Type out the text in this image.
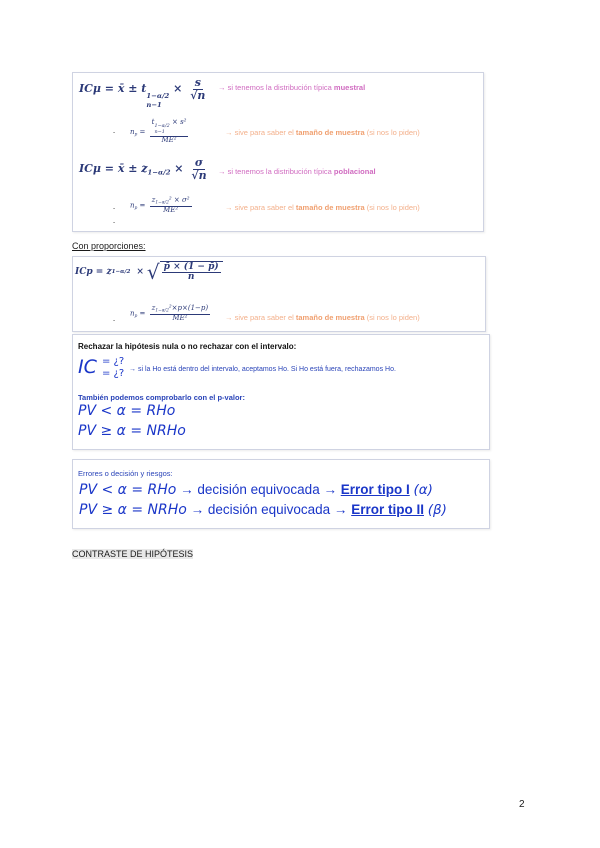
ICμ = x̄ ± t
1−α/2
n−1
× $\frac{s}{√n}$ → si tenemos la distribución típica muestral
- $n_p = t$
1−α/2
n−1
× s²
ME²	→ sive para saber el tamaño de muestra (si nos lo piden)
ICμ = x̄ ± $z_{1-\alpha/2} \times \frac{\sigma}{√n}$ → si tenemos la distribución típica poblacional
- $n_p = \frac{z_{1-\alpha/2}^2 \times \sigma^2}{\text{ME²}}$	→ sive para saber el tamaño de muestra (si nos lo piden)
-
Con proporciones:
ICp = z 1−α/2 × √ $\frac{p̄ \times (1 - p̄)}{n}$
-
$n_p = \frac{z_{1-\alpha/2}^2\times p\times(1-p)}{\text{ME²}}$ → sive para saber el tamaño de muestra (si nos lo piden)
Rechazar la hipótesis nula o no rechazar con el intervalo:
IC = ¿?
= ¿? → si la Ho está dentro del intervalo, aceptamos Ho. Si Ho está fuera, rechazamos Ho.
También podemos comprobarlo con el p-valor:
PV < α = RHo
PV ≥ α = NRHo
Errores o decisión y riesgos:
PV < α = RHo → decisión equivocada → Error tipo I (α)
PV ≥ α = NRHo → decisión equivocada → Error tipo II (β)
CONTRASTE DE HIPÓTESIS
2
